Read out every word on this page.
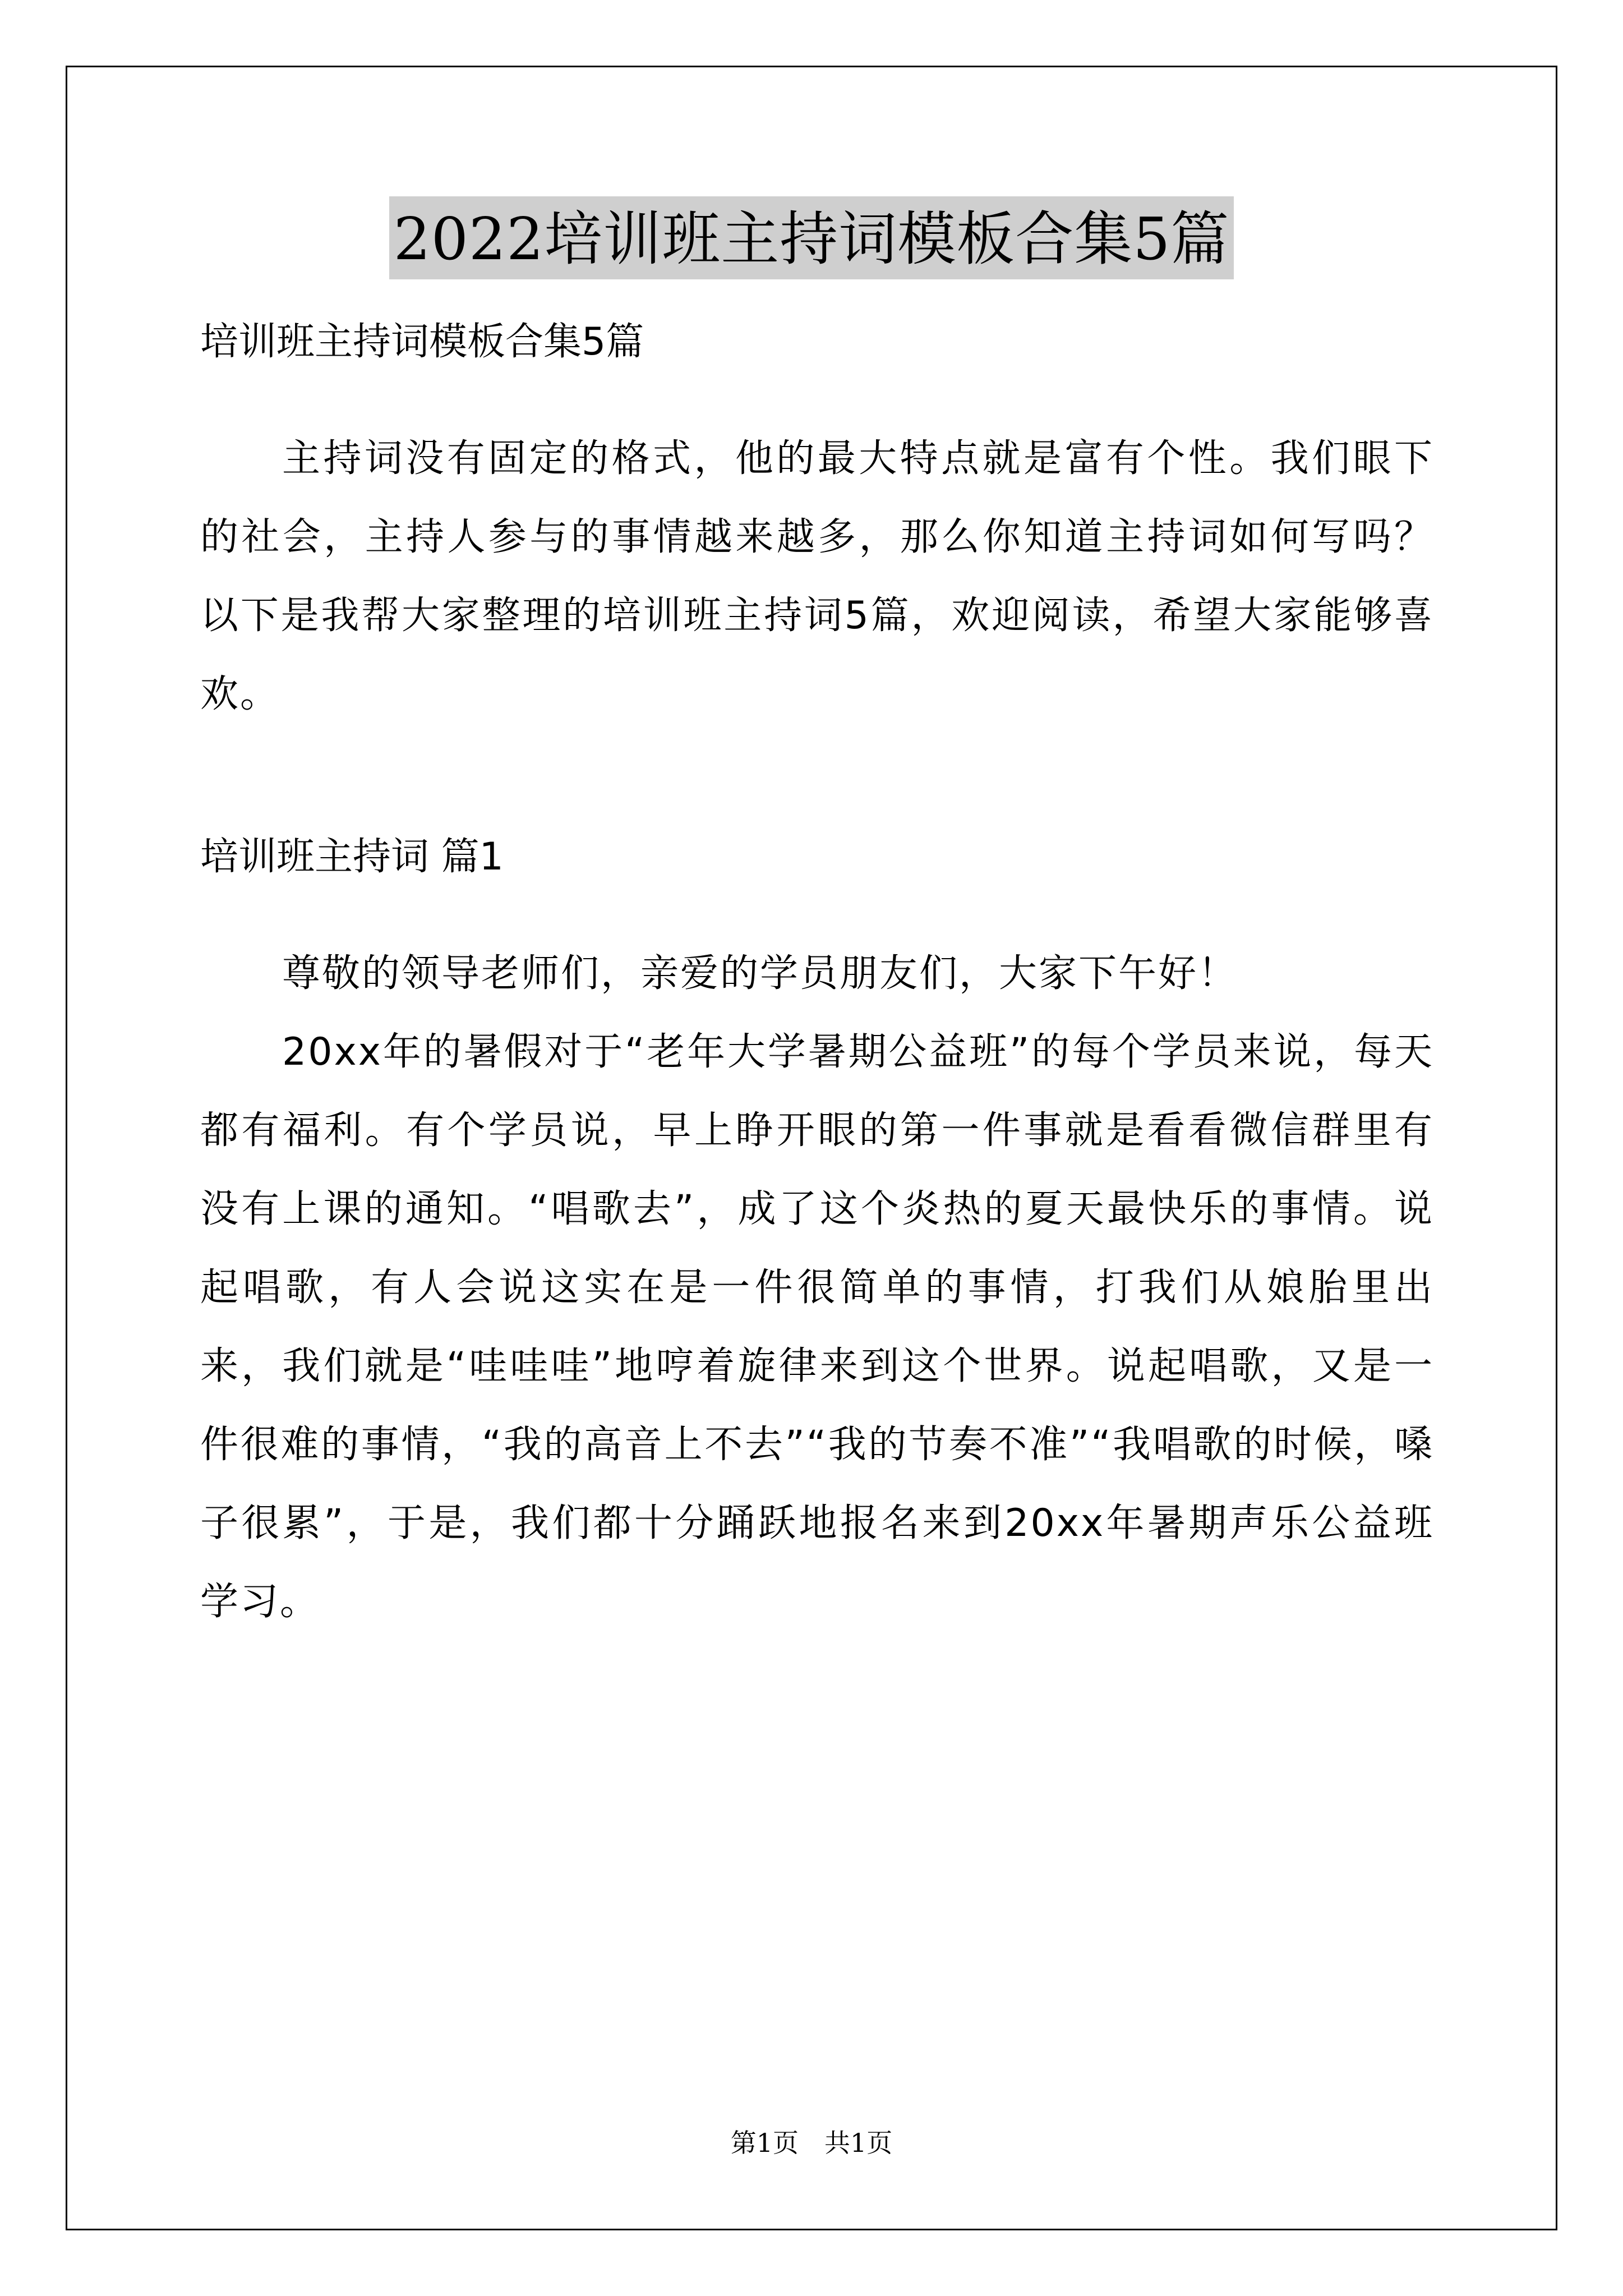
2022培训班主持词模板合集5篇

培训班主持词模板合集5篇

主持词没有固定的格式，他的最大特点就是富有个性。我们眼下的社会，主持人参与的事情越来越多，那么你知道主持词如何写吗？以下是我帮大家整理的培训班主持词5篇，欢迎阅读，希望大家能够喜欢。

培训班主持词 篇1

尊敬的领导老师们，亲爱的学员朋友们，大家下午好！

20xx年的暑假对于“老年大学暑期公益班”的每个学员来说，每天都有福利。有个学员说，早上睁开眼的第一件事就是看看微信群里有没有上课的通知。“唱歌去”，成了这个炎热的夏天最快乐的事情。说起唱歌，有人会说这实在是一件很简单的事情，打我们从娘胎里出来，我们就是“哇哇哇”地哼着旋律来到这个世界。说起唱歌，又是一件很难的事情，“我的高音上不去”“我的节奏不准”“我唱歌的时候，嗓子很累”，于是，我们都十分踊跃地报名来到20xx年暑期声乐公益班学习。

第1页　共1页
